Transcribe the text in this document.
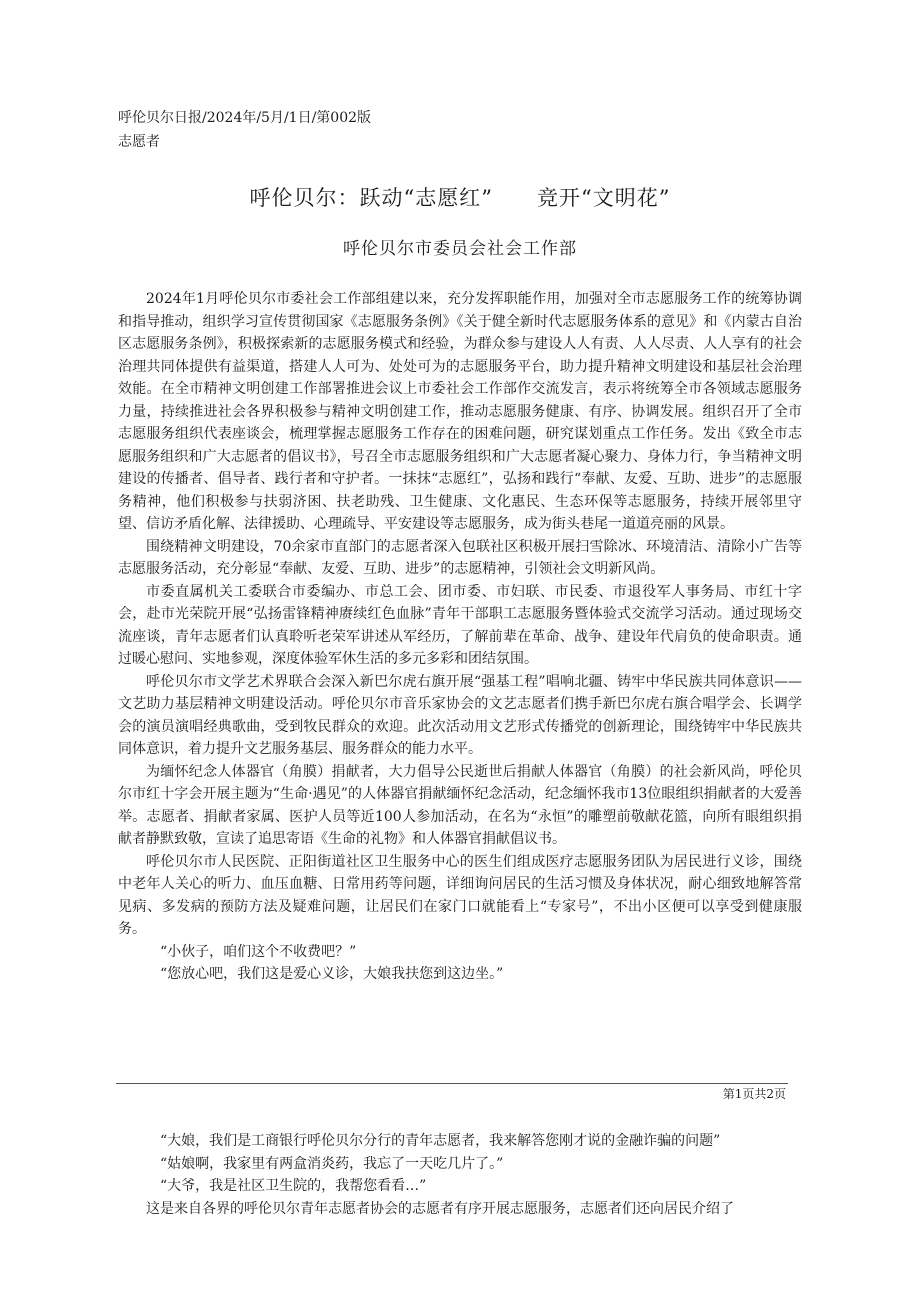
呼伦贝尔日报/2024年/5月/1日/第002版
志愿者
呼伦贝尔：跃动“志愿红” 竞开“文明花”
呼伦贝尔市委员会社会工作部

2024年1月呼伦贝尔市委社会工作部组建以来，充分发挥职能作用，加强对全市志愿服务工作的统筹协调和指导推动，组织学习宣传贯彻国家《志愿服务条例》《关于健全新时代志愿服务体系的意见》和《内蒙古自治区志愿服务条例》，积极探索新的志愿服务模式和经验，为群众参与建设人人有责、人人尽责、人人享有的社会治理共同体提供有益渠道，搭建人人可为、处处可为的志愿服务平台，助力提升精神文明建设和基层社会治理效能。在全市精神文明创建工作部署推进会议上市委社会工作部作交流发言，表示将统筹全市各领域志愿服务力量，持续推进社会各界积极参与精神文明创建工作，推动志愿服务健康、有序、协调发展。组织召开了全市志愿服务组织代表座谈会，梳理掌握志愿服务工作存在的困难问题，研究谋划重点工作任务。发出《致全市志愿服务组织和广大志愿者的倡议书》，号召全市志愿服务组织和广大志愿者凝心聚力、身体力行，争当精神文明建设的传播者、倡导者、践行者和守护者。一抹抹“志愿红”，弘扬和践行“奉献、友爱、互助、进步”的志愿服务精神，他们积极参与扶弱济困、扶老助残、卫生健康、文化惠民、生态环保等志愿服务，持续开展邻里守望、信访矛盾化解、法律援助、心理疏导、平安建设等志愿服务，成为街头巷尾一道道亮丽的风景。

围绕精神文明建设，70余家市直部门的志愿者深入包联社区积极开展扫雪除冰、环境清洁、清除小广告等志愿服务活动，充分彰显“奉献、友爱、互助、进步”的志愿精神，引领社会文明新风尚。

市委直属机关工委联合市委编办、市总工会、团市委、市妇联、市民委、市退役军人事务局、市红十字会，赴市光荣院开展“弘扬雷锋精神赓续红色血脉”青年干部职工志愿服务暨体验式交流学习活动。通过现场交流座谈，青年志愿者们认真聆听老荣军讲述从军经历，了解前辈在革命、战争、建设年代肩负的使命职责。通过暖心慰问、实地参观，深度体验军休生活的多元多彩和团结氛围。

呼伦贝尔市文学艺术界联合会深入新巴尔虎右旗开展“强基工程”唱响北疆、铸牢中华民族共同体意识——文艺助力基层精神文明建设活动。呼伦贝尔市音乐家协会的文艺志愿者们携手新巴尔虎右旗合唱学会、长调学会的演员演唱经典歌曲，受到牧民群众的欢迎。此次活动用文艺形式传播党的创新理论，围绕铸牢中华民族共同体意识，着力提升文艺服务基层、服务群众的能力水平。

为缅怀纪念人体器官（角膜）捐献者，大力倡导公民逝世后捐献人体器官（角膜）的社会新风尚，呼伦贝尔市红十字会开展主题为“生命·遇见”的人体器官捐献缅怀纪念活动，纪念缅怀我市13位眼组织捐献者的大爱善举。志愿者、捐献者家属、医护人员等近100人参加活动，在名为“永恒”的雕塑前敬献花篮，向所有眼组织捐献者静默致敬，宣读了追思寄语《生命的礼物》和人体器官捐献倡议书。

呼伦贝尔市人民医院、正阳街道社区卫生服务中心的医生们组成医疗志愿服务团队为居民进行义诊，围绕中老年人关心的听力、血压血糖、日常用药等问题，详细询问居民的生活习惯及身体状况，耐心细致地解答常见病、多发病的预防方法及疑难问题，让居民们在家门口就能看上“专家号”，不出小区便可以享受到健康服务。

“小伙子，咱们这个不收费吧？”

“您放心吧，我们这是爱心义诊，大娘我扶您到这边坐。”

第1页共2页

“大娘，我们是工商银行呼伦贝尔分行的青年志愿者，我来解答您刚才说的金融诈骗的问题”

“姑娘啊，我家里有两盒消炎药，我忘了一天吃几片了。”

“大爷，我是社区卫生院的，我帮您看看…”

这是来自各界的呼伦贝尔青年志愿者协会的志愿者有序开展志愿服务，志愿者们还向居民介绍了
